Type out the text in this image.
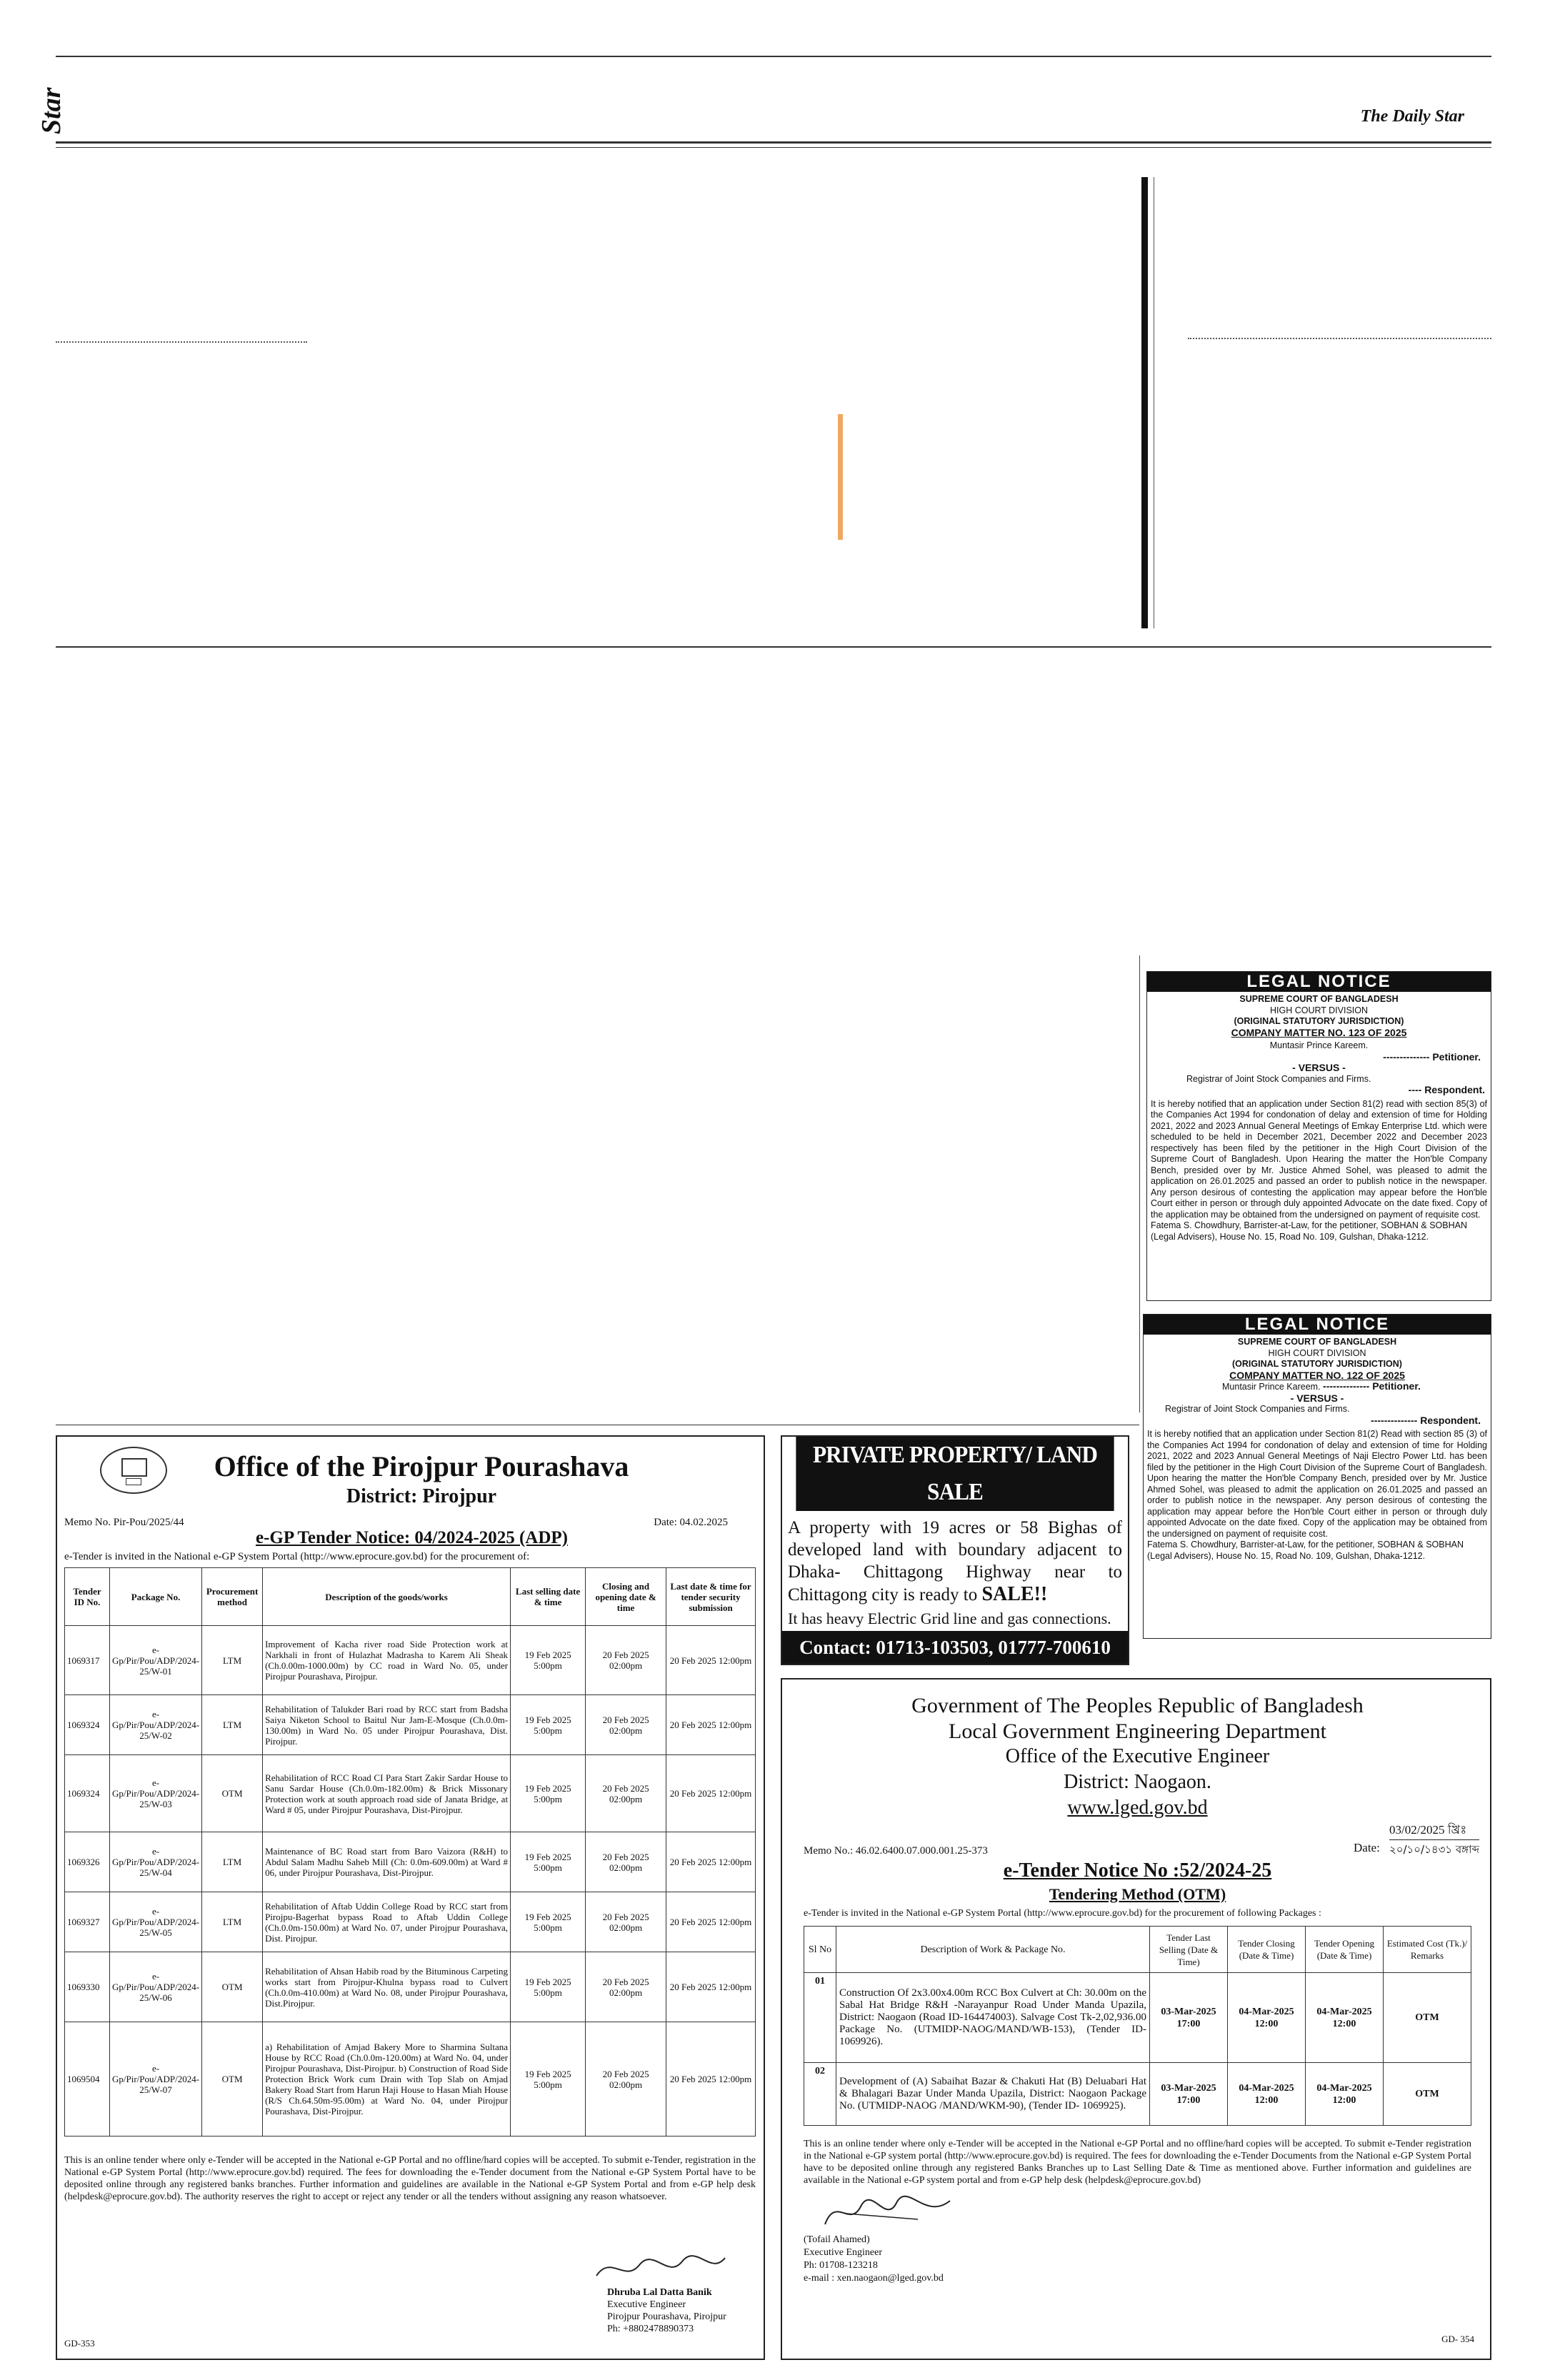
Star	The Daily Star
LEGAL NOTICE
SUPREME COURT OF BANGLADESH
HIGH COURT DIVISION
(ORIGINAL STATUTORY JURISDICTION)
COMPANY MATTER NO. 123 OF 2025
Muntasir Prince Kareem.
-------------- Petitioner.
- VERSUS -
Registrar of Joint Stock Companies and Firms.
---- Respondent.
It is hereby notified that an application under Section 81(2) read with section 85(3) of the Companies Act 1994 for condonation of delay and extension of time for Holding 2021, 2022 and 2023 Annual General Meetings of Emkay Enterprise Ltd. which were scheduled to be held in December 2021, December 2022 and December 2023 respectively has been filed by the petitioner in the High Court Division of the Supreme Court of Bangladesh. Upon Hearing the matter the Hon'ble Company Bench, presided over by Mr. Justice Ahmed Sohel, was pleased to admit the application on 26.01.2025 and passed an order to publish notice in the newspaper. Any person desirous of contesting the application may appear before the Hon'ble Court either in person or through duly appointed Advocate on the date fixed. Copy of the application may be obtained from the undersigned on payment of requisite cost.
Fatema S. Chowdhury, Barrister-at-Law, for the petitioner, SOBHAN & SOBHAN (Legal Advisers), House No. 15, Road No. 109, Gulshan, Dhaka-1212.
LEGAL NOTICE
SUPREME COURT OF BANGLADESH
HIGH COURT DIVISION
(ORIGINAL STATUTORY JURISDICTION)
COMPANY MATTER NO. 122 OF 2025
Muntasir Prince Kareem. -------------- Petitioner.
- VERSUS -
Registrar of Joint Stock Companies and Firms.
-------------- Respondent.
It is hereby notified that an application under Section 81(2) Read with section 85 (3) of the Companies Act 1994 for condonation of delay and extension of time for Holding 2021, 2022 and 2023 Annual General Meetings of Naji Electro Power Ltd. has been filed by the petitioner in the High Court Division of the Supreme Court of Bangladesh. Upon hearing the matter the Hon'ble Company Bench, presided over by Mr. Justice Ahmed Sohel, was pleased to admit the application on 26.01.2025 and passed an order to publish notice in the newspaper. Any person desirous of contesting the application may appear before the Hon'ble Court either in person or through duly appointed Advocate on the date fixed. Copy of the application may be obtained from the undersigned on payment of requisite cost.
Fatema S. Chowdhury, Barrister-at-Law, for the petitioner, SOBHAN & SOBHAN (Legal Advisers), House No. 15, Road No. 109, Gulshan, Dhaka-1212.
Office of the Pirojpur Pourashava
District: Pirojpur
Memo No. Pir-Pou/2025/44	Date: 04.02.2025
e-GP Tender Notice: 04/2024-2025 (ADP)
e-Tender is invited in the National e-GP System Portal (http://www.eprocure.gov.bd) for the procurement of:
Tender ID No.	Package No.	Procurement method	Description of the goods/works	Last selling date & time	Closing and opening date & time	Last date & time for tender security submission
1069317	e-Gp/Pir/Pou/ADP/2024-25/W-01	LTM	Improvement of Kacha river road Side Protection work at Narkhali in front of Hulazhat Madrasha to Karem Ali Sheak (Ch.0.00m-1000.00m) by CC road in Ward No. 05, under Pirojpur Pourashava, Pirojpur.	19 Feb 2025 5:00pm	20 Feb 2025 02:00pm	20 Feb 2025 12:00pm
1069324	e-Gp/Pir/Pou/ADP/2024-25/W-02	LTM	Rehabilitation of Talukder Bari road by RCC start from Badsha Saiya Niketon School to Baitul Nur Jam-E-Mosque (Ch.0.0m-130.00m) in Ward No. 05 under Pirojpur Pourashava, Dist. Pirojpur.	19 Feb 2025 5:00pm	20 Feb 2025 02:00pm	20 Feb 2025 12:00pm
1069324	e-Gp/Pir/Pou/ADP/2024-25/W-03	OTM	Rehabilitation of RCC Road CI Para Start Zakir Sardar House to Sanu Sardar House (Ch.0.0m-182.00m) & Brick Missonary Protection work at south approach road side of Janata Bridge, at Ward # 05, under Pirojpur Pourashava, Dist-Pirojpur.	19 Feb 2025 5:00pm	20 Feb 2025 02:00pm	20 Feb 2025 12:00pm
1069326	e-Gp/Pir/Pou/ADP/2024-25/W-04	LTM	Maintenance of BC Road start from Baro Vaizora (R&H) to Abdul Salam Madhu Saheb Mill (Ch: 0.0m-609.00m) at Ward # 06, under Pirojpur Pourashava, Dist-Pirojpur.	19 Feb 2025 5:00pm	20 Feb 2025 02:00pm	20 Feb 2025 12:00pm
1069327	e-Gp/Pir/Pou/ADP/2024-25/W-05	LTM	Rehabilitation of Aftab Uddin College Road by RCC start from Pirojpu-Bagerhat bypass Road to Aftab Uddin College (Ch.0.0m-150.00m) at Ward No. 07, under Pirojpur Pourashava, Dist. Pirojpur.	19 Feb 2025 5:00pm	20 Feb 2025 02:00pm	20 Feb 2025 12:00pm
1069330	e-Gp/Pir/Pou/ADP/2024-25/W-06	OTM	Rehabilitation of Ahsan Habib road by the Bituminous Carpeting works start from Pirojpur-Khulna bypass road to Culvert (Ch.0.0m-410.00m) at Ward No. 08, under Pirojpur Pourashava, Dist.Pirojpur.	19 Feb 2025 5:00pm	20 Feb 2025 02:00pm	20 Feb 2025 12:00pm
1069504	e-Gp/Pir/Pou/ADP/2024-25/W-07	OTM	a) Rehabilitation of Amjad Bakery More to Sharmina Sultana House by RCC Road (Ch.0.0m-120.00m) at Ward No. 04, under Pirojpur Pourashava, Dist-Pirojpur. b) Construction of Road Side Protection Brick Work cum Drain with Top Slab on Amjad Bakery Road Start from Harun Haji House to Hasan Miah House (R/S Ch.64.50m-95.00m) at Ward No. 04, under Pirojpur Pourashava, Dist-Pirojpur.	19 Feb 2025 5:00pm	20 Feb 2025 02:00pm	20 Feb 2025 12:00pm
This is an online tender where only e-Tender will be accepted in the National e-GP Portal and no offline/hard copies will be accepted. To submit e-Tender, registration in the National e-GP System Portal (http://www.eprocure.gov.bd) required. The fees for downloading the e-Tender document from the National e-GP System Portal have to be deposited online through any registered banks branches. Further information and guidelines are available in the National e-GP System Portal and from e-GP help desk (helpdesk@eprocure.gov.bd). The authority reserves the right to accept or reject any tender or all the tenders without assigning any reason whatsoever.
Dhruba Lal Datta Banik
Executive Engineer
Pirojpur Pourashava, Pirojpur
Ph: +8802478890373
GD-353
PRIVATE PROPERTY/ LAND SALE
A property with 19 acres or 58 Bighas of developed land with boundary adjacent to Dhaka- Chittagong Highway near to Chittagong city is ready to SALE!!
It has heavy Electric Grid line and gas connections.
Contact: 01713-103503, 01777-700610
Government of The Peoples Republic of Bangladesh
Local Government Engineering Department
Office of the Executive Engineer
District: Naogaon.
www.lged.gov.bd
Memo No.: 46.02.6400.07.000.001.25-373	Date:
03/02/2025 খ্রিঃ
২০/১০/১৪৩১ বঙ্গাব্দ
e-Tender Notice No :52/2024-25
Tendering Method (OTM)
e-Tender is invited in the National e-GP System Portal (http://www.eprocure.gov.bd) for the procurement of following Packages :
Sl No	Description of Work & Package No.	Tender Last Selling (Date & Time)	Tender Closing (Date & Time)	Tender Opening (Date & Time)	Estimated Cost (Tk.)/ Remarks
01	Construction Of 2x3.00x4.00m RCC Box Culvert at Ch: 30.00m on the Sabal Hat Bridge R&H -Narayanpur Road Under Manda Upazila, District: Naogaon (Road ID-164474003). Salvage Cost Tk-2,02,936.00 Package No. (UTMIDP-NAOG/MAND/WB-153), (Tender ID-1069926).	03-Mar-2025 17:00	04-Mar-2025 12:00	04-Mar-2025 12:00	OTM
02	Development of (A) Sabaihat Bazar & Chakuti Hat (B) Deluabari Hat & Bhalagari Bazar Under Manda Upazila, District: Naogaon Package No. (UTMIDP-NAOG /MAND/WKM-90), (Tender ID- 1069925).	03-Mar-2025 17:00	04-Mar-2025 12:00	04-Mar-2025 12:00	OTM
This is an online tender where only e-Tender will be accepted in the National e-GP Portal and no offline/hard copies will be accepted. To submit e-Tender registration in the National e-GP system portal (http://www.eprocure.gov.bd) is required. The fees for downloading the e-Tender Documents from the National e-GP System Portal have to be deposited online through any registered Banks Branches up to Last Selling Date & Time as mentioned above. Further information and guidelines are available in the National e-GP system portal and from e-GP help desk (helpdesk@eprocure.gov.bd)
(Tofail Ahamed)
Executive Engineer
Ph: 01708-123218
e-mail : xen.naogaon@lged.gov.bd
GD- 354
